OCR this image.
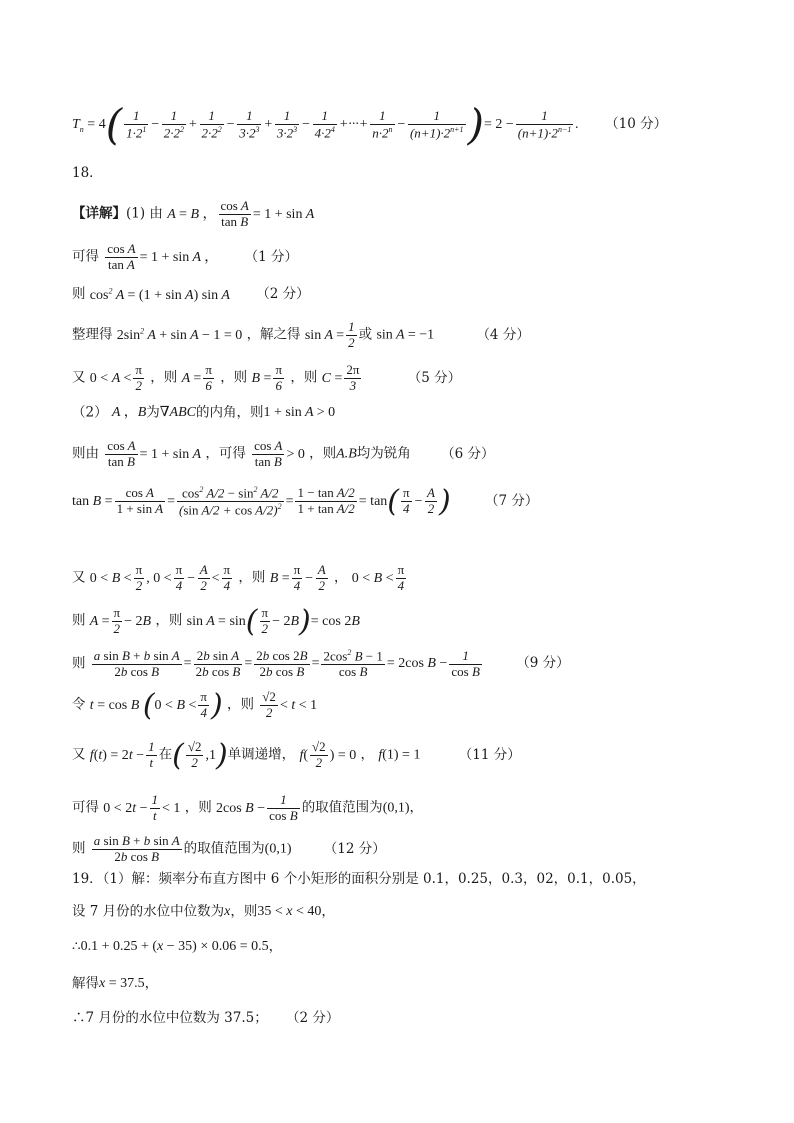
$T_n = 4( \frac{1}{1\cdot 2^1} - \frac{1}{2\cdot 2^2} + \frac{1}{2\cdot 2^2} - \frac{1}{3\cdot 2^3} + \frac{1}{3\cdot 2^3} - \frac{1}{4\cdot 2^4}$ +···+ $\frac{1}{n\cdot 2^n} - \frac{1}{(n+1)\cdot 2^{n+1}}$ )= $2 - \frac{1}{(n+1)\cdot 2^{n-1}}$ . （10 分）
18．
【详解】(1) 由 A = B ， $\frac{\text{cos A}}{\text{tan B}} = 1 + \sin A$
可得 $\frac{\text{cos A}}{\text{tan A}} = 1 + \sin A$ ， （1 分）
则 $\cos^2 A = (1 + \sin A)$ sin A （2 分）
整理得 $2\sin^2$ A + sin A − 1 = 0 ，解之得 $\sin A = \frac{1}{2}$ 或 sin A = −1	（4 分）
又 $0 < A < \frac{\pi}{2}$ ，则 $A = \frac{\pi}{6}$ ，则 $B = \frac{\pi}{6}$ ，则 $C = \frac{2\pi}{3}$	（5 分）
（2） A ，B为∇ABC的内角，则1 + sin A > 0
则由 $\frac{\text{cos A}}{\text{tan B}} = 1 + \sin A$ ，可得 $\frac{\text{cos A}}{\text{tan B}} > 0$ ，则A.B均为锐角 （6 分）
$\tan B = \frac{\text{cos A}}{\text{1 + sin A}} = \frac{\cos^2 A/2 - \sin^2 A/2}{(\sin A/2 + \cos A/2)^2} = \frac{\text{1 − tan A/2}}{\text{1 + tan A/2}} = \tan( \frac{\pi}{4} - \frac{A}{2}$ )	（7 分）
又 $0 < B < \frac{\pi}{2}$ , $0 < \frac{\pi}{4} - \frac{A}{2} < \frac{\pi}{4}$ ，则 $B = \frac{\pi}{4} - \frac{A}{2}$ ， $0 < B < \frac{\pi}{4}$
则 $A = \frac{\pi}{2} - 2B$ ，则 $\sin A = \sin( \frac{\pi}{2} - 2B)= \cos 2B$
则 $\frac{\text{a sin B + b sin A}}{\text{2b cos B}} = \frac{\text{2b sin A}}{\text{2b cos B}} = \frac{\text{2b cos 2B}}{\text{2b cos B}} = \frac{2\cos^2 B - 1}{\text{cos B}} = 2\cos$ $B - \frac{1}{\text{cos B}}$	（9 分）
令 t = cos B ($0 < B < \frac{\pi}{4}$ ) ，则 $\frac{√2}{2} < t < 1$
又 $f(t) = 2t - \frac{1}{t}$ 在( $\frac{√2}{2} ,1$)单调递增， $f( \frac{√2}{2}$ ) = 0 ， f(1) = 1	（11 分）
可得 $0 < 2t - \frac{1}{t} < 1$ ，则 2cos $B - \frac{1}{\text{cos B}}$ 的取值范围为(0,1)，
则 $\frac{\text{a sin B + b sin A}}{\text{2b cos B}}$ 的取值范围为(0,1) （12 分）
19．（1）解：频率分布直方图中 6 个小矩形的面积分别是 0.1，0.25，0.3，02，0.1，0.05，
设 7 月份的水位中位数为x，则35 < x < 40，
∴0.1 + 0.25 + (x − 35) × 0.06 = 0.5，
解得x = 37.5，
∴7 月份的水位中位数为 37.5； （2 分）
